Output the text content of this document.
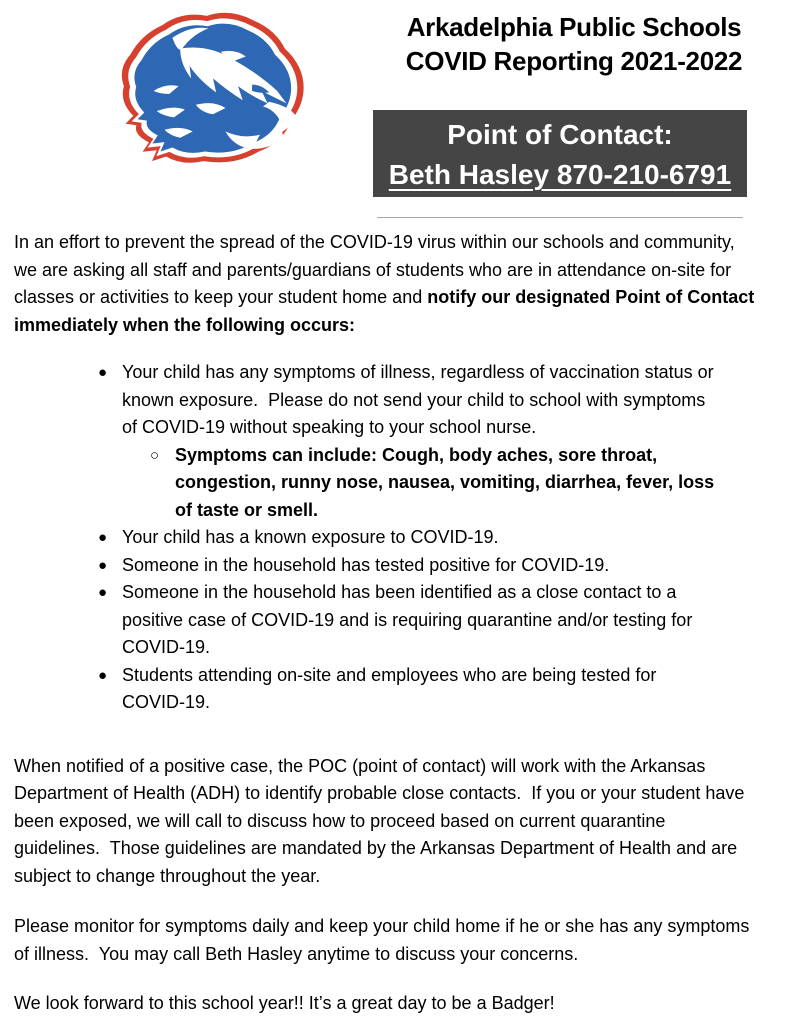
Arkadelphia Public Schools
COVID Reporting 2021-2022
Point of Contact:
Beth Hasley 870-210-6791
In an effort to prevent the spread of the COVID-19 virus within our schools and community,
we are asking all staff and parents/guardians of students who are in attendance on-site for
classes or activities to keep your student home and notify our designated Point of Contact
immediately when the following occurs:
● Your child has any symptoms of illness, regardless of vaccination status or
known exposure.  Please do not send your child to school with symptoms
of COVID-19 without speaking to your school nurse.
○ Symptoms can include: Cough, body aches, sore throat,
congestion, runny nose, nausea, vomiting, diarrhea, fever, loss
of taste or smell.
● Your child has a known exposure to COVID-19.
● Someone in the household has tested positive for COVID-19.
● Someone in the household has been identified as a close contact to a
positive case of COVID-19 and is requiring quarantine and/or testing for
COVID-19.
● Students attending on-site and employees who are being tested for
COVID-19.
When notified of a positive case, the POC (point of contact) will work with the Arkansas
Department of Health (ADH) to identify probable close contacts.  If you or your student have
been exposed, we will call to discuss how to proceed based on current quarantine
guidelines.  Those guidelines are mandated by the Arkansas Department of Health and are
subject to change throughout the year.
Please monitor for symptoms daily and keep your child home if he or she has any symptoms
of illness.  You may call Beth Hasley anytime to discuss your concerns.
We look forward to this school year!! It’s a great day to be a Badger!
